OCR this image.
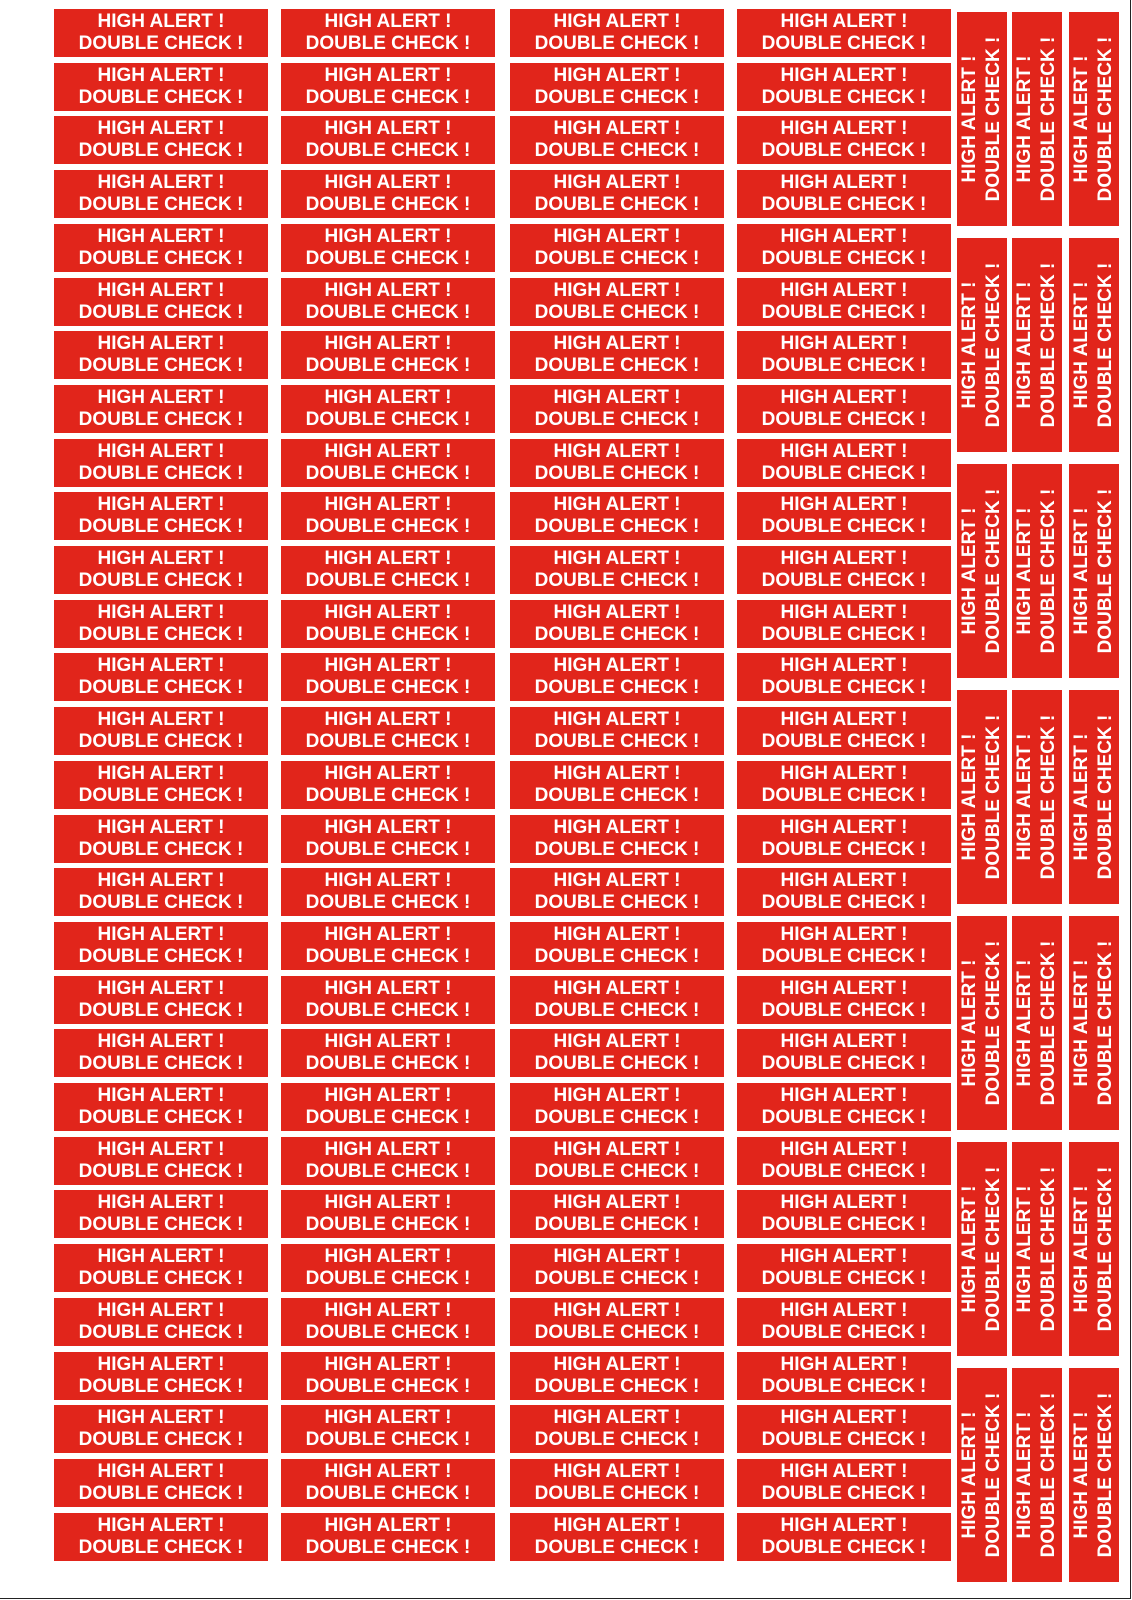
HIGH ALERT !
DOUBLE CHECK !
HIGH ALERT !
DOUBLE CHECK !
HIGH ALERT !
DOUBLE CHECK !
HIGH ALERT !
DOUBLE CHECK !
HIGH ALERT !
DOUBLE CHECK !
HIGH ALERT !
DOUBLE CHECK !
HIGH ALERT !
DOUBLE CHECK !
HIGH ALERT !
DOUBLE CHECK !
HIGH ALERT !
DOUBLE CHECK !
HIGH ALERT !
DOUBLE CHECK !
HIGH ALERT !
DOUBLE CHECK !
HIGH ALERT !
DOUBLE CHECK !
HIGH ALERT !
DOUBLE CHECK !
HIGH ALERT !
DOUBLE CHECK !
HIGH ALERT !
DOUBLE CHECK !
HIGH ALERT !
DOUBLE CHECK !
HIGH ALERT !
DOUBLE CHECK !
HIGH ALERT !
DOUBLE CHECK !
HIGH ALERT !
DOUBLE CHECK !
HIGH ALERT !
DOUBLE CHECK !
HIGH ALERT !
DOUBLE CHECK !
HIGH ALERT !
DOUBLE CHECK !
HIGH ALERT !
DOUBLE CHECK !
HIGH ALERT !
DOUBLE CHECK !
HIGH ALERT !
DOUBLE CHECK !
HIGH ALERT !
DOUBLE CHECK !
HIGH ALERT !
DOUBLE CHECK !
HIGH ALERT !
DOUBLE CHECK !
HIGH ALERT !
DOUBLE CHECK !
HIGH ALERT !
DOUBLE CHECK !
HIGH ALERT !
DOUBLE CHECK !
HIGH ALERT !
DOUBLE CHECK !
HIGH ALERT !
DOUBLE CHECK !
HIGH ALERT !
DOUBLE CHECK !
HIGH ALERT !
DOUBLE CHECK !
HIGH ALERT !
DOUBLE CHECK !
HIGH ALERT !
DOUBLE CHECK !
HIGH ALERT !
DOUBLE CHECK !
HIGH ALERT !
DOUBLE CHECK !
HIGH ALERT !
DOUBLE CHECK !
HIGH ALERT !
DOUBLE CHECK !
HIGH ALERT !
DOUBLE CHECK !
HIGH ALERT !
DOUBLE CHECK !
HIGH ALERT !
DOUBLE CHECK !
HIGH ALERT !
DOUBLE CHECK !
HIGH ALERT !
DOUBLE CHECK !
HIGH ALERT !
DOUBLE CHECK !
HIGH ALERT !
DOUBLE CHECK !
HIGH ALERT !
DOUBLE CHECK !
HIGH ALERT !
DOUBLE CHECK !
HIGH ALERT !
DOUBLE CHECK !
HIGH ALERT !
DOUBLE CHECK !
HIGH ALERT !
DOUBLE CHECK !
HIGH ALERT !
DOUBLE CHECK !
HIGH ALERT !
DOUBLE CHECK !
HIGH ALERT !
DOUBLE CHECK !
HIGH ALERT !
DOUBLE CHECK !
HIGH ALERT !
DOUBLE CHECK !
HIGH ALERT !
DOUBLE CHECK !
HIGH ALERT !
DOUBLE CHECK !
HIGH ALERT !
DOUBLE CHECK !
HIGH ALERT !
DOUBLE CHECK !
HIGH ALERT !
DOUBLE CHECK !
HIGH ALERT !
DOUBLE CHECK !
HIGH ALERT !
DOUBLE CHECK !
HIGH ALERT !
DOUBLE CHECK !
HIGH ALERT !
DOUBLE CHECK !
HIGH ALERT !
DOUBLE CHECK !
HIGH ALERT !
DOUBLE CHECK !
HIGH ALERT !
DOUBLE CHECK !
HIGH ALERT !
DOUBLE CHECK !
HIGH ALERT !
DOUBLE CHECK !
HIGH ALERT !
DOUBLE CHECK !
HIGH ALERT !
DOUBLE CHECK !
HIGH ALERT !
DOUBLE CHECK !
HIGH ALERT !
DOUBLE CHECK !
HIGH ALERT !
DOUBLE CHECK !
HIGH ALERT !
DOUBLE CHECK !
HIGH ALERT !
DOUBLE CHECK !
HIGH ALERT !
DOUBLE CHECK !
HIGH ALERT !
DOUBLE CHECK !
HIGH ALERT !
DOUBLE CHECK !
HIGH ALERT !
DOUBLE CHECK !
HIGH ALERT !
DOUBLE CHECK !
HIGH ALERT !
DOUBLE CHECK !
HIGH ALERT !
DOUBLE CHECK !
HIGH ALERT !
DOUBLE CHECK !
HIGH ALERT !
DOUBLE CHECK !
HIGH ALERT !
DOUBLE CHECK !
HIGH ALERT !
DOUBLE CHECK !
HIGH ALERT !
DOUBLE CHECK !
HIGH ALERT !
DOUBLE CHECK !
HIGH ALERT !
DOUBLE CHECK !
HIGH ALERT !
DOUBLE CHECK !
HIGH ALERT !
DOUBLE CHECK !
HIGH ALERT !
DOUBLE CHECK !
HIGH ALERT !
DOUBLE CHECK !
HIGH ALERT !
DOUBLE CHECK !
HIGH ALERT !
DOUBLE CHECK !
HIGH ALERT !
DOUBLE CHECK !
HIGH ALERT !
DOUBLE CHECK !
HIGH ALERT !
DOUBLE CHECK !
HIGH ALERT !
DOUBLE CHECK !
HIGH ALERT !
DOUBLE CHECK !
HIGH ALERT !
DOUBLE CHECK !
HIGH ALERT !
DOUBLE CHECK !
HIGH ALERT !
DOUBLE CHECK !
HIGH ALERT !
DOUBLE CHECK !
HIGH ALERT !
DOUBLE CHECK !
HIGH ALERT !
DOUBLE CHECK !
HIGH ALERT !
DOUBLE CHECK !
HIGH ALERT !
DOUBLE CHECK !
HIGH ALERT !
DOUBLE CHECK !
HIGH ALERT !
DOUBLE CHECK !
HIGH ALERT !
DOUBLE CHECK !
HIGH ALERT !
DOUBLE CHECK !
HIGH ALERT ! DOUBLE CHECK ! HIGH ALERT ! DOUBLE CHECK ! HIGH ALERT ! DOUBLE CHECK !
HIGH ALERT ! DOUBLE CHECK ! HIGH ALERT ! DOUBLE CHECK ! HIGH ALERT ! DOUBLE CHECK !
HIGH ALERT ! DOUBLE CHECK ! HIGH ALERT ! DOUBLE CHECK ! HIGH ALERT ! DOUBLE CHECK !
HIGH ALERT ! DOUBLE CHECK ! HIGH ALERT ! DOUBLE CHECK ! HIGH ALERT ! DOUBLE CHECK !
HIGH ALERT ! DOUBLE CHECK ! HIGH ALERT ! DOUBLE CHECK ! HIGH ALERT ! DOUBLE CHECK !
HIGH ALERT ! DOUBLE CHECK ! HIGH ALERT ! DOUBLE CHECK ! HIGH ALERT ! DOUBLE CHECK !
HIGH ALERT ! DOUBLE CHECK ! HIGH ALERT ! DOUBLE CHECK ! HIGH ALERT ! DOUBLE CHECK !
